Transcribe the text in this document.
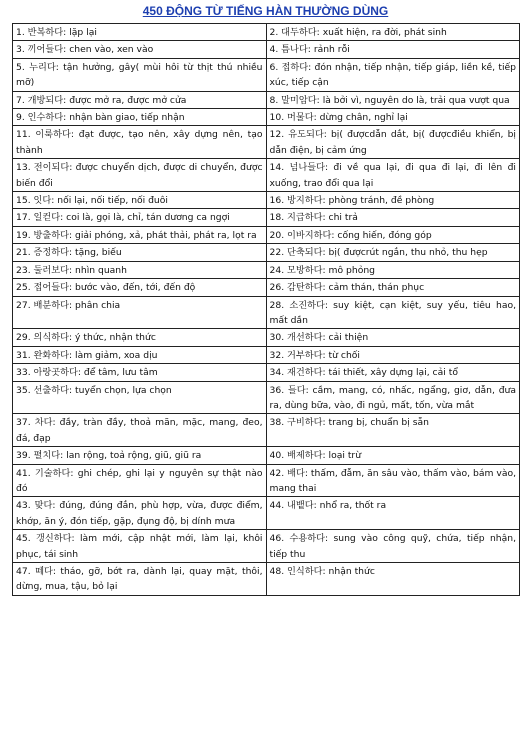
450 ĐỘNG TỪ TIẾNG HÀN THƯỜNG DÙNG
1. 반복하다: lặp lại	2. 대두하다: xuất hiện, ra đời, phát sinh
3. 끼어들다: chen vào, xen vào	4. 틈나다: rảnh rỗi
5. 누리다: tận hưởng, gây( mùi hôi từ thịt thú nhiều mỡ)	6. 접하다: đón nhận, tiếp nhận, tiếp giáp, liền kề, tiếp xúc, tiếp cận
7. 개방되다: được mở ra, được mở cửa	8. 말미암다: là bởi vì, nguyên do là, trải qua vượt qua
9. 인수하다: nhận bàn giao, tiếp nhận	10. 머물다: dừng chân, nghỉ lại
11. 이룩하다: đạt được, tạo nên, xây dựng nên, tạo thành	12. 유도되다: bị( đượcdẫn dắt, bị( đượcđiều khiển, bị dẫn điện, bị cảm ứng
13. 전이되다: được chuyển dịch, được di chuyển, được biến đổi	14. 넘나들다: đi về qua lại, đi qua đi lại, đi lên đi xuống, trao đổi qua lại
15. 잇다: nối lại, nối tiếp, nối đuôi	16. 방지하다: phòng tránh, đề phòng
17. 일컫다: coi là, gọi là, chỉ, tán dương ca ngợi	18. 지급하다: chi trả
19. 방출하다: giải phóng, xả, phát thải, phát ra, lọt ra	20. 이바지하다: cống hiến, đóng góp
21. 증정하다: tặng, biếu	22. 단축되다: bị( đượcrút ngắn, thu nhỏ, thu hẹp
23. 둘러보다: nhìn quanh	24. 모방하다: mô phỏng
25. 접어들다: bước vào, đến, tới, đến độ	26. 감탄하다: cảm thán, thán phục
27. 배분하다: phân chia	28. 소진하다: suy kiệt, cạn kiệt, suy yếu, tiêu hao, mất dần
29. 의식하다: ý thức, nhận thức	30. 개선하다: cải thiện
31. 완화하다: làm giảm, xoa dịu	32. 거부하다: từ chối
33. 아랑곳하다: để tâm, lưu tâm	34. 재건하다: tái thiết, xây dựng lại, cải tổ
35. 선출하다: tuyển chọn, lựa chọn	36. 들다: cầm, mang, có, nhấc, ngẩng, giơ, dẫn, đưa ra, dùng bữa, vào, đi ngủ, mất, tốn, vừa mắt
37. 차다: đầy, tràn đầy, thoả mãn, mặc, mang, đeo, đá, đạp	38. 구비하다: trang bị, chuẩn bị sẵn
39. 펼치다: lan rộng, toả rộng, giũ, giũ ra	40. 배제하다: loại trừ
41. 기술하다: ghi chép, ghi lại y nguyên sự thật nào đó	42. 배다: thấm, đẫm, ăn sâu vào, thấm vào, bám vào, mang thai
43. 맞다: đúng, đúng đắn, phù hợp, vừa, được điểm, khớp, ăn ý, đón tiếp, gặp, đụng độ, bị dính mưa	44. 내뱉다: nhổ ra, thốt ra
45. 갱신하다: làm mới, cập nhật mới, làm lại, khôi phục, tái sinh	46. 수용하다: sung vào công quỹ, chứa, tiếp nhận, tiếp thu
47. 떼다: tháo, gỡ, bớt ra, dành lại, quay mặt, thôi, dừng, mua, tậu, bỏ lại	48. 인식하다: nhận thức
